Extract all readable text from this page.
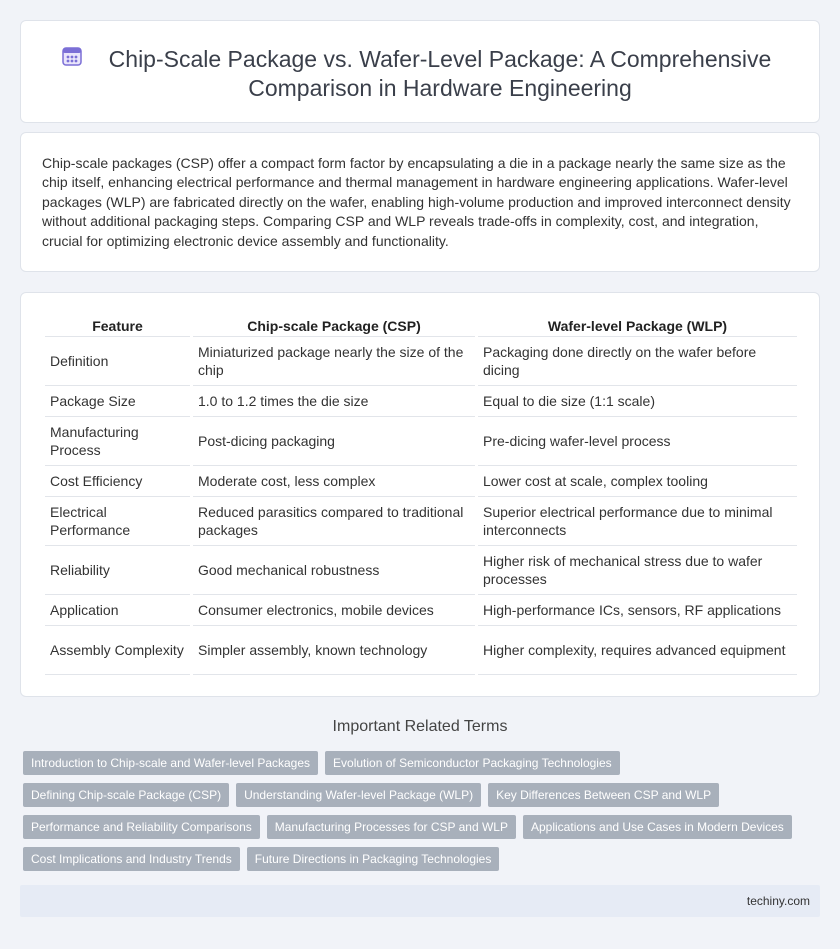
Chip-Scale Package vs. Wafer-Level Package: A Comprehensive Comparison in Hardware Engineering

Chip-scale packages (CSP) offer a compact form factor by encapsulating a die in a package nearly the same size as the chip itself, enhancing electrical performance and thermal management in hardware engineering applications. Wafer-level packages (WLP) are fabricated directly on the wafer, enabling high-volume production and improved interconnect density without additional packaging steps. Comparing CSP and WLP reveals trade-offs in complexity, cost, and integration, crucial for optimizing electronic device assembly and functionality.

Feature	Chip-scale Package (CSP)	Wafer-level Package (WLP)
Definition	Miniaturized package nearly the size of the chip	Packaging done directly on the wafer before dicing
Package Size	1.0 to 1.2 times the die size	Equal to die size (1:1 scale)
Manufacturing Process	Post-dicing packaging	Pre-dicing wafer-level process
Cost Efficiency	Moderate cost, less complex	Lower cost at scale, complex tooling
Electrical Performance	Reduced parasitics compared to traditional packages	Superior electrical performance due to minimal interconnects
Reliability	Good mechanical robustness	Higher risk of mechanical stress due to wafer processes
Application	Consumer electronics, mobile devices	High-performance ICs, sensors, RF applications
Assembly Complexity	Simpler assembly, known technology	Higher complexity, requires advanced equipment
Important Related Terms
Introduction to Chip-scale and Wafer-level Packages	Evolution of Semiconductor Packaging Technologies
Defining Chip-scale Package (CSP)	Understanding Wafer-level Package (WLP)	Key Differences Between CSP and WLP
Performance and Reliability Comparisons	Manufacturing Processes for CSP and WLP	Applications and Use Cases in Modern Devices
Cost Implications and Industry Trends	Future Directions in Packaging Technologies
techiny.com
